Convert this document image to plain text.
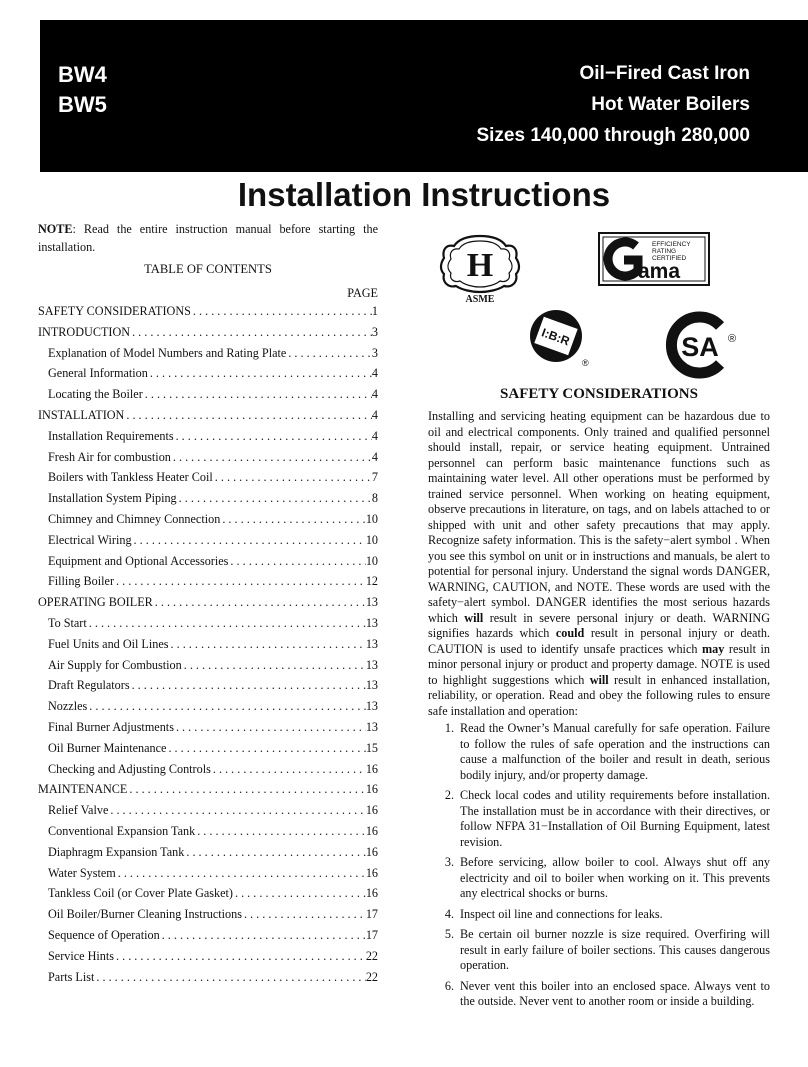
BW4
BW5
Oil−Fired Cast Iron
Hot Water Boilers
Sizes 140,000 through 280,000
Installation Instructions
NOTE: Read the entire instruction manual before starting the installation.
TABLE OF CONTENTS
PAGE
SAFETY CONSIDERATIONS . . .	1
INTRODUCTION . . .	3
Explanation of Model Numbers and Rating Plate . . .	3
General Information . . .	4
Locating the Boiler . . .	4
INSTALLATION . . .	4
Installation Requirements . . .	4
Fresh Air for combustion . . .	4
Boilers with Tankless Heater Coil . . .	7
Installation System Piping . . .	8
Chimney and Chimney Connection . . .	10
Electrical Wiring . . .	10
Equipment and Optional Accessories . . .	10
Filling Boiler . . .	12
OPERATING BOILER . . .	13
To Start . . .	13
Fuel Units and Oil Lines . . .	13
Air Supply for Combustion . . .	13
Draft Regulators . . .	13
Nozzles . . .	13
Final Burner Adjustments . . .	13
Oil Burner Maintenance . . .	15
Checking and Adjusting Controls . . .	16
MAINTENANCE . . .	16
Relief Valve . . .	16
Conventional Expansion Tank . . .	16
Diaphragm Expansion Tank . . .	16
Water System . . .	16
Tankless Coil (or Cover Plate Gasket) . . .	16
Oil Boiler/Burner Cleaning Instructions . . .	17
Sequence of Operation . . .	17
Service Hints . . .	22
Parts List . . .	22
H
ASME
EFFICIENCY
RATING
CERTIFIED
ama
I:B:R
®
SA ®
SAFETY CONSIDERATIONS

Installing and servicing heating equipment can be hazardous due to oil and electrical components. Only trained and qualified personnel should install, repair, or service heating equipment. Untrained personnel can perform basic maintenance functions such as maintaining water level. All other operations must be performed by trained service personnel. When working on heating equipment, observe precautions in literature, on tags, and on labels attached to or shipped with unit and other safety precautions that may apply. Recognize safety information. This is the safety−alert symbol . When you see this symbol on unit or in instructions and manuals, be alert to potential for personal injury. Understand the signal words DANGER, WARNING, CAUTION, and NOTE. These words are used with the safety−alert symbol. DANGER identifies the most serious hazards which will result in severe personal injury or death. WARNING signifies hazards which could result in personal injury or death. CAUTION is used to identify unsafe practices which may result in minor personal injury or product and property damage. NOTE is used to highlight suggestions which will result in enhanced installation, reliability, or operation. Read and obey the following rules to ensure safe installation and operation:

1. Read the Owner’s Manual carefully for safe operation. Failure to follow the rules of safe operation and the instructions can cause a malfunction of the boiler and result in death, serious bodily injury, and/or property damage.
2. Check local codes and utility requirements before installation. The installation must be in accordance with their directives, or follow NFPA 31−Installation of Oil Burning Equipment, latest revision.
3. Before servicing, allow boiler to cool. Always shut off any electricity and oil to boiler when working on it. This prevents any electrical shocks or burns.
4. Inspect oil line and connections for leaks.
5. Be certain oil burner nozzle is size required. Overfiring will result in early failure of boiler sections. This causes dangerous operation.
6. Never vent this boiler into an enclosed space. Always vent to the outside. Never vent to another room or inside a building.
